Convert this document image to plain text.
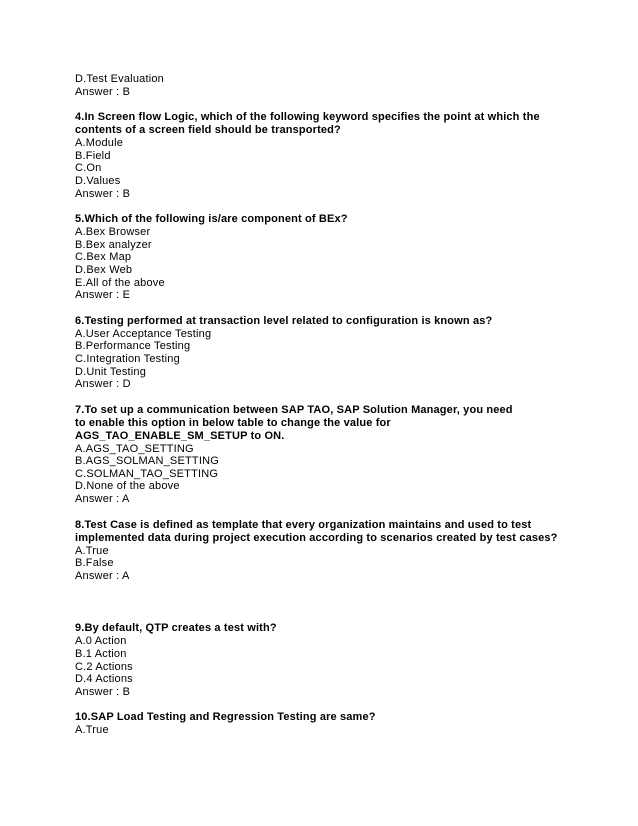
D.Test Evaluation

Answer : B

4.In Screen flow Logic, which of the following keyword specifies the point at which the contents of a screen field should be transported?

A.Module

B.Field

C.On

D.Values

Answer : B

5.Which of the following is/are component of BEx?

A.Bex Browser

B.Bex analyzer

C.Bex Map

D.Bex Web

E.All of the above

Answer : E

6.Testing performed at transaction level related to configuration is known as?

A.User Acceptance Testing

B.Performance Testing

C.Integration Testing

D.Unit Testing

Answer : D

7.To set up a communication between SAP TAO, SAP Solution Manager, you need to enable this option in below table to change the value for AGS_TAO_ENABLE_SM_SETUP to ON.

A.AGS_TAO_SETTING

B.AGS_SOLMAN_SETTING

C.SOLMAN_TAO_SETTING

D.None of the above

Answer : A

8.Test Case is defined as template that every organization maintains and used to test implemented data during project execution according to scenarios created by test cases?

A.True

B.False

Answer : A

9.By default, QTP creates a test with?

A.0 Action

B.1 Action

C.2 Actions

D.4 Actions

Answer : B

10.SAP Load Testing and Regression Testing are same?

A.True
